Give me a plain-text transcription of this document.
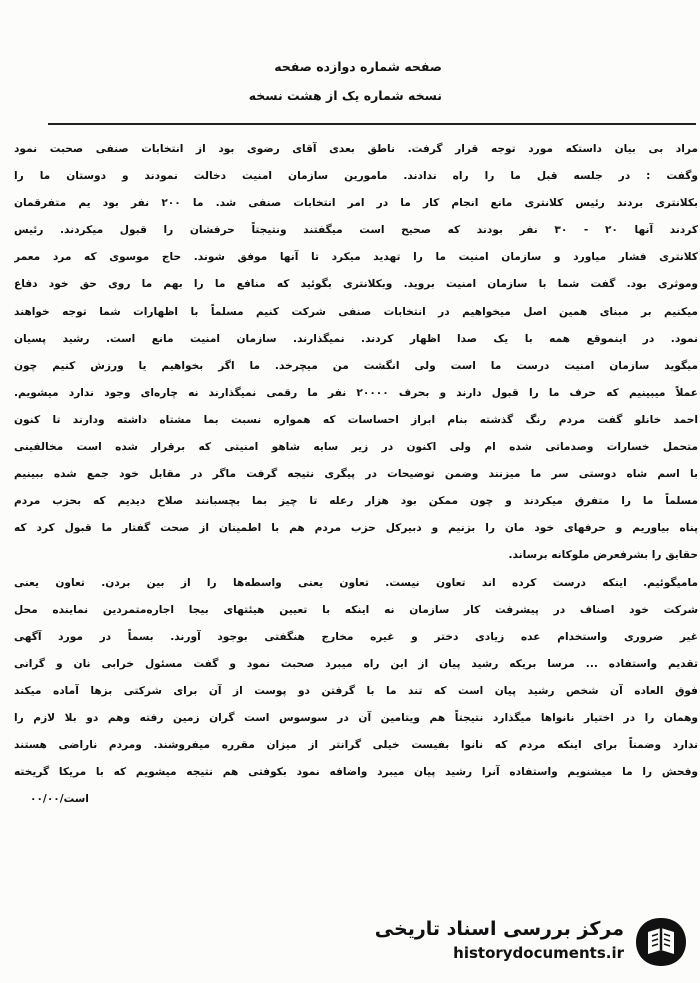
صفحه شماره دوازده صفحه
نسخه شماره یک از هشت نسخه
مراد بی بیان داستکه مورد توجه قرار گرفت. ناطق بعدی آقای رضوی بود از انتخابات صنفی صحبت نمود
وگفت : در جلسه قبل ما را راه ندادند. مامورین سازمان امنیت دخالت نمودند و دوستان ما را
بکلانتری بردند رئیس کلانتری مانع انجام کار ما در امر انتخابات صنفی شد. ما ۲۰۰ نفر بود یم متفرقمان
کردند آنها ۲۰ - ۳۰ نفر بودند که صحیح است میگفتند ونتیجتاً حرفشان را قبول میکردند. رئیس
کلانتری فشار میاورد و سازمان امنیت ما را تهدید میکرد تا آنها موفق شوند. حاج موسوی که مرد معمر
وموثری بود. گفت شما با سازمان امنیت بروید. وبکلانتری بگوئید که منافع ما را بهم ما روی حق خود دفاع
میکنیم بر مبنای همین اصل میخواهیم در انتخابات صنفی شرکت کنیم مسلماً با اظهارات شما توجه خواهند
نمود. در اینموقع همه با یک صدا اظهار کردند. نمیگذارند. سازمان امنیت مانع است. رشید پسیان
میگوید سازمان امنیت درست ما است ولی انگشت من میچرخد. ما اگر بخواهیم یا ورزش کنیم چون
عملاً میبینیم که حرف ما را قبول دارند و بحرف ۲۰۰۰۰ نفر ما رقمی نمیگذارند نه چاره‌ای وجود ندارد میشویم.
احمد خانلو گفت مردم رنگ گذشته بنام ابراز احساسات که همواره نسبت بما مشتاه داشته ودارند تا کنون
متحمل خسارات وصدماتی شده ام ولی اکنون در زیر سایه شاهو امنیتی که برقرار شده است مخالفینی
با اسم شاه دوستی سر ما میزنند وضمن توضیحات در پیگری نتیجه گرفت ماگر در مقابل خود جمع شده ببینیم
مسلماً ما را متفرق میکردند و چون ممکن بود هزار رعله تا چیز بما بچسبانند صلاح دیدیم که بحزب مردم
پناه بیاوریم و حرفهای خود مان را بزنیم و دبیرکل حزب مردم هم با اطمینان از صحت گفتار ما قبول کرد که
حقایق را بشرفعرض ملوکانه برساند.
مامیگوئیم. اینکه درست کرده اند تعاون نیست. تعاون یعنی واسطه‌ها را از بین بردن. تعاون یعنی
شرکت خود اصناف در پیشرفت کار سازمان نه اینکه با تعیین هیئتهای بیجا اجاره‌متمردین نماینده محل
غیر ضروری واستخدام عده زیادی دختر و غیره مخارج هنگفتی بوجود آورند. بسماً در مورد آگهی
تقدیم واستفاده ... مرسا بریکه رشید پیان از این راه میبرد صحبت نمود و گفت مسئول خرابی نان و گرانی
فوق العاده آن شخص رشید پیان است که تند ما با گرفتن دو پوست از آن برای شرکتی بزها آماده میکند
وهمان را در اختیار نانواها میگذارد نتیجتاً هم ویتامین آن در سوسوس است گران زمین رفته وهم دو بلا لازم را
ندارد وضمناً برای اینکه مردم که نانوا بفیست خیلی گرانتر از میزان مقرره میفروشند. ومردم ناراضی هستند
وفحش را ما میشنویم واستفاده آنرا رشید پیان میبرد واضافه نمود بکوفتی هم نتیجه میشویم که با مریکا گریخته
۰۰/است/۰۰
مرکز بررسی اسناد تاریخی
historydocuments.ir
